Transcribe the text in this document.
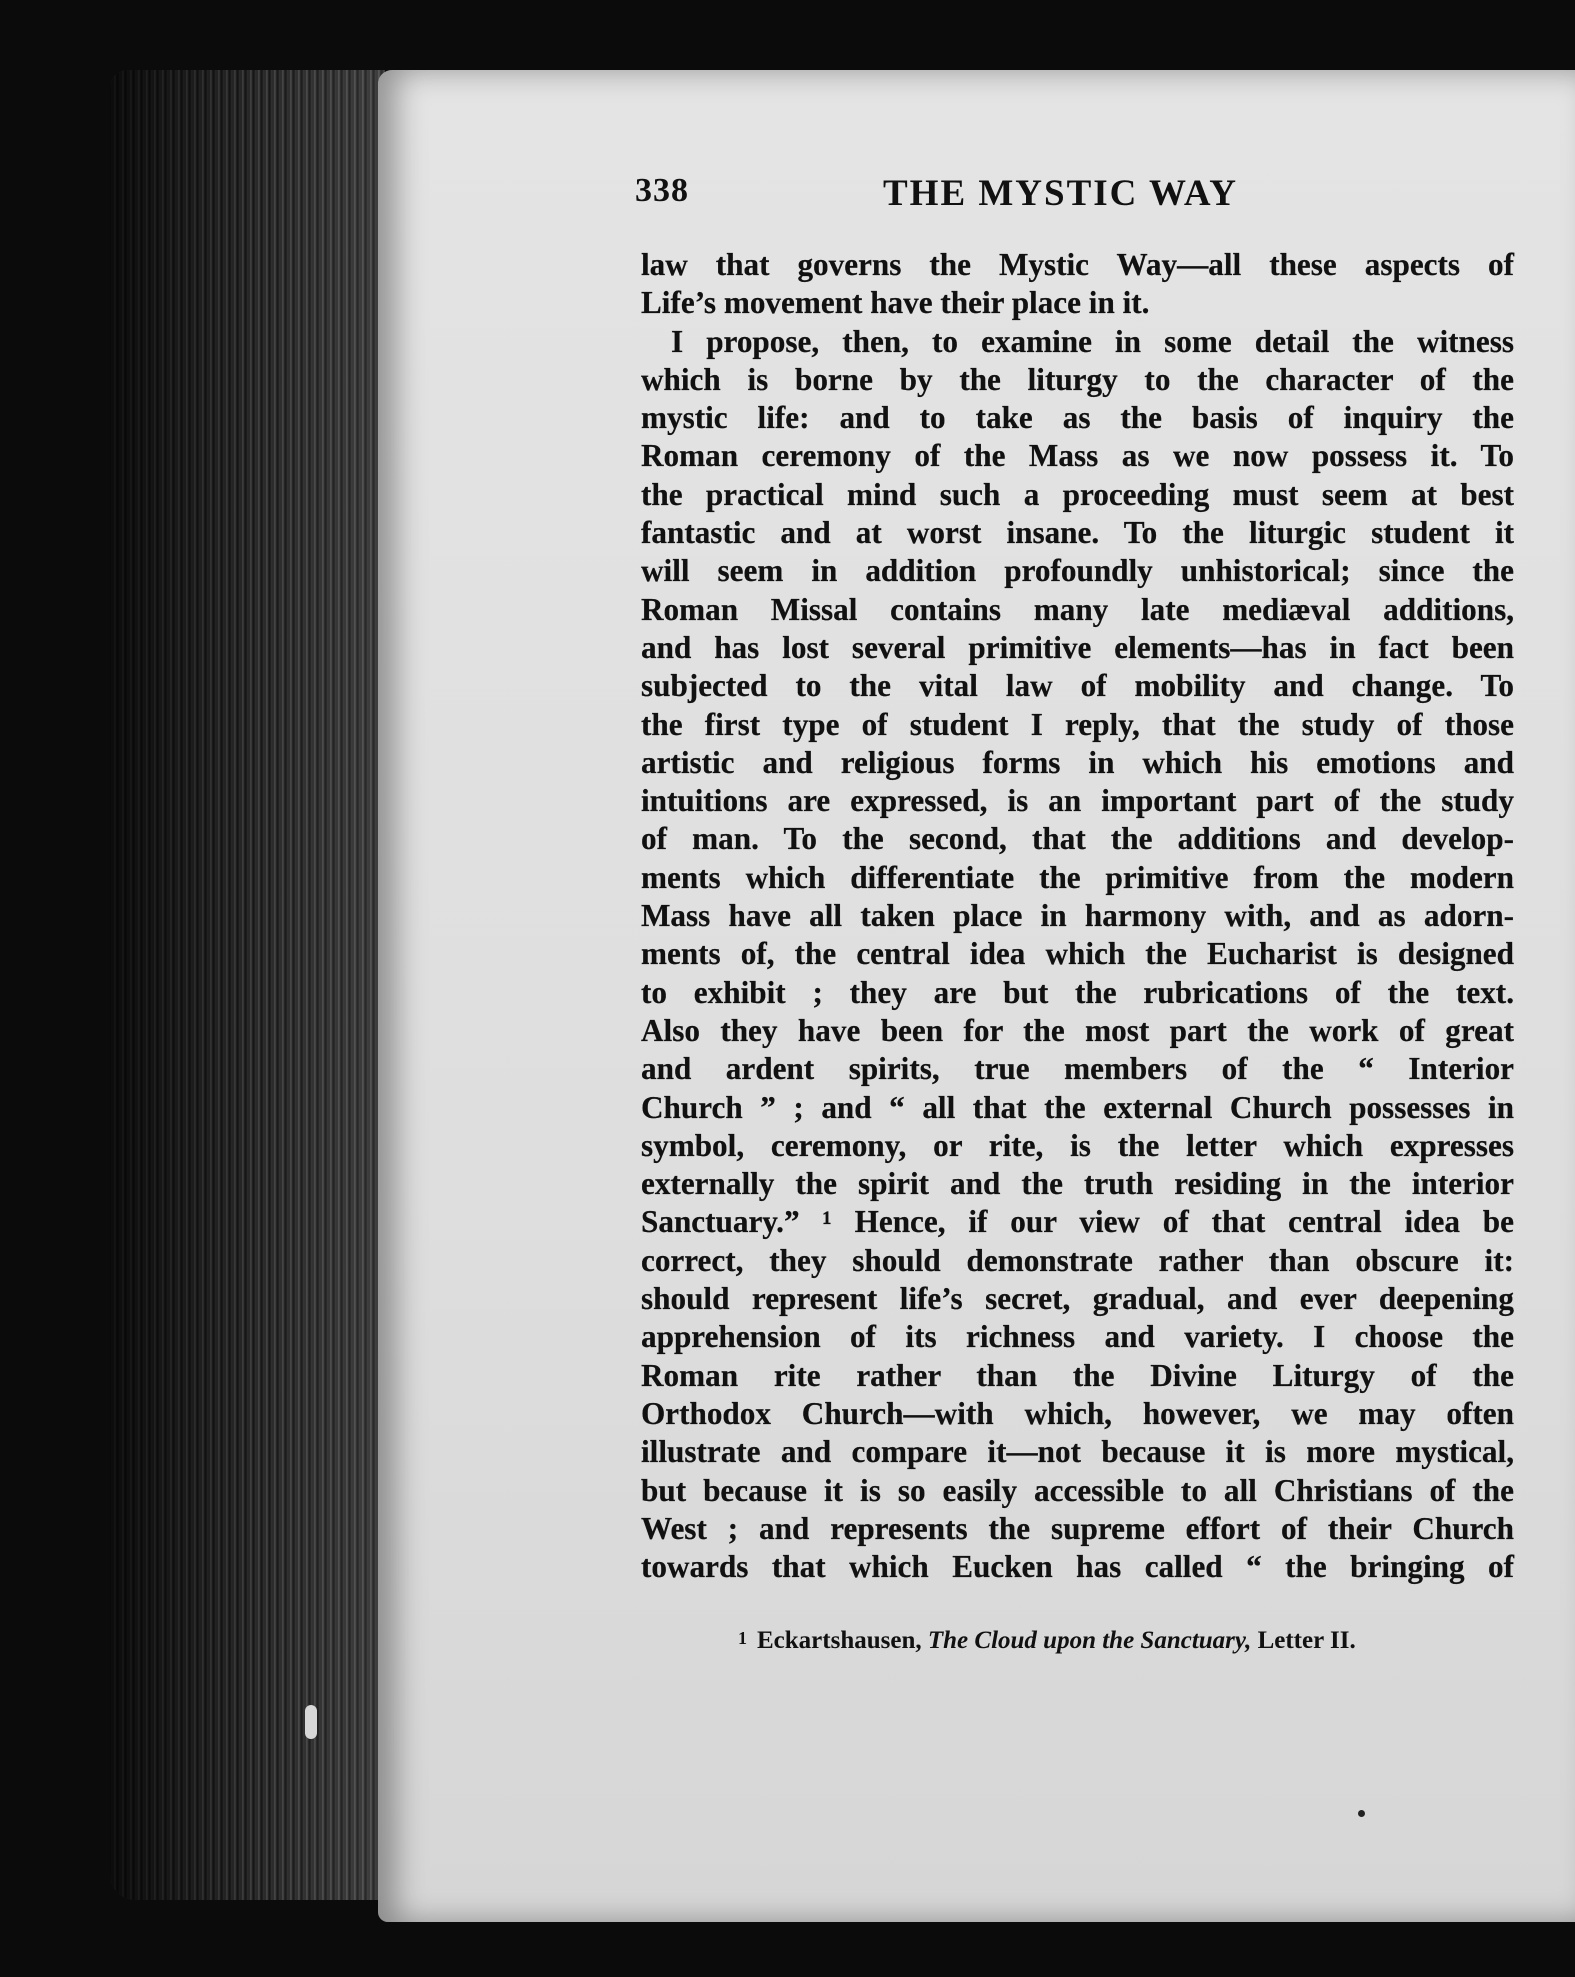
338	THE MYSTIC WAY
law that governs the Mystic Way—all these aspects of
Life’s movement have their place in it.
I propose, then, to examine in some detail the witness
which is borne by the liturgy to the character of the
mystic life: and to take as the basis of inquiry the
Roman ceremony of the Mass as we now possess it. To
the practical mind such a proceeding must seem at best
fantastic and at worst insane. To the liturgic student it
will seem in addition profoundly unhistorical; since the
Roman Missal contains many late mediæval additions,
and has lost several primitive elements—has in fact been
subjected to the vital law of mobility and change. To
the first type of student I reply, that the study of those
artistic and religious forms in which his emotions and
intuitions are expressed, is an important part of the study
of man. To the second, that the additions and develop-
ments which differentiate the primitive from the modern
Mass have all taken place in harmony with, and as adorn-
ments of, the central idea which the Eucharist is designed
to exhibit ; they are but the rubrications of the text.
Also they have been for the most part the work of great
and ardent spirits, true members of the “ Interior
Church ” ; and “ all that the external Church possesses in
symbol, ceremony, or rite, is the letter which expresses
externally the spirit and the truth residing in the interior
Sanctuary.” ¹ Hence, if our view of that central idea be
correct, they should demonstrate rather than obscure it:
should represent life’s secret, gradual, and ever deepening
apprehension of its richness and variety. I choose the
Roman rite rather than the Divine Liturgy of the
Orthodox Church—with which, however, we may often
illustrate and compare it—not because it is more mystical,
but because it is so easily accessible to all Christians of the
West ; and represents the supreme effort of their Church
towards that which Eucken has called “ the bringing of
1 Eckartshausen, The Cloud upon the Sanctuary, Letter II.
